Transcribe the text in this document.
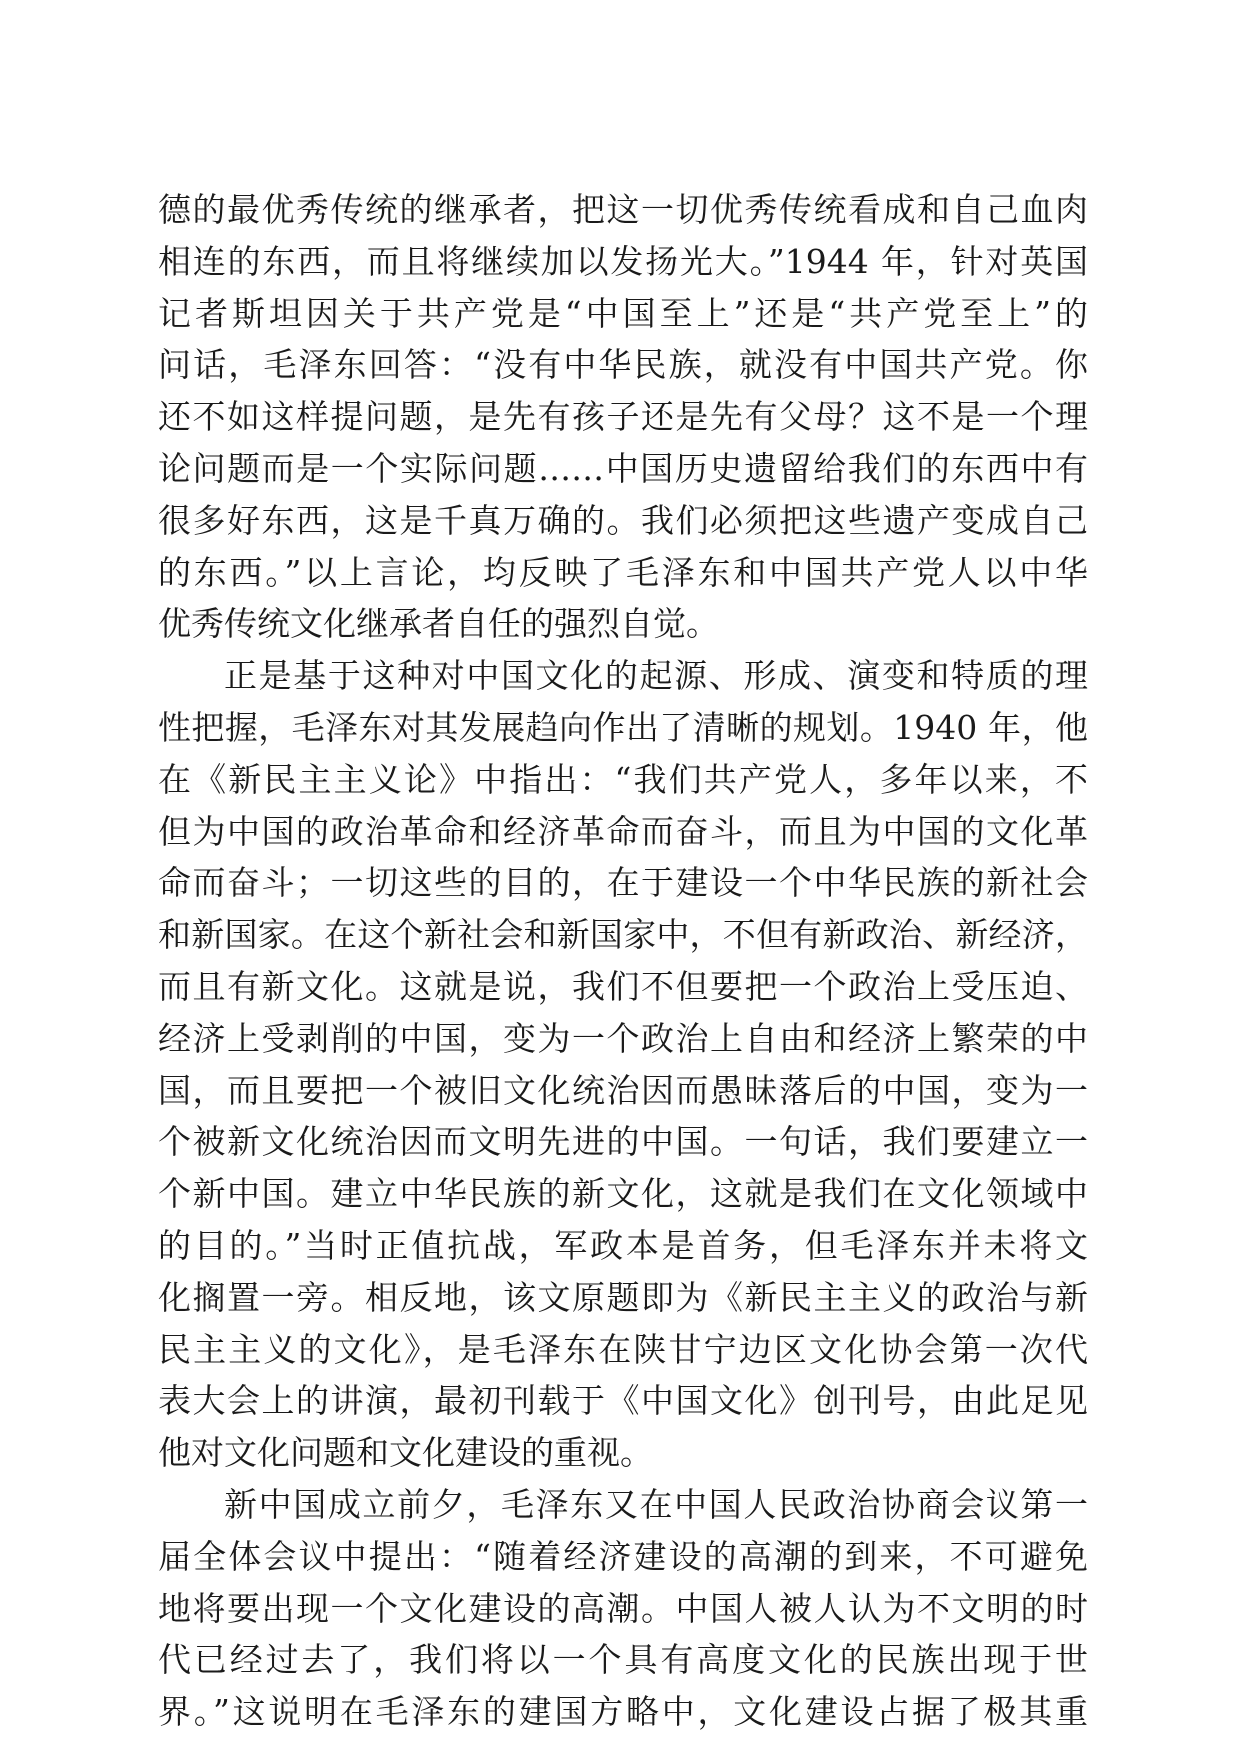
德的最优秀传统的继承者，把这一切优秀传统看成和自己血肉
相连的东西，而且将继续加以发扬光大。”1944 年，针对英国
记者斯坦因关于共产党是“中国至上”还是“共产党至上”的
问话，毛泽东回答：“没有中华民族，就没有中国共产党。你
还不如这样提问题，是先有孩子还是先有父母？这不是一个理
论问题而是一个实际问题……中国历史遗留给我们的东西中有
很多好东西，这是千真万确的。我们必须把这些遗产变成自己
的东西。”以上言论，均反映了毛泽东和中国共产党人以中华
优秀传统文化继承者自任的强烈自觉。
正是基于这种对中国文化的起源、形成、演变和特质的理
性把握，毛泽东对其发展趋向作出了清晰的规划。1940 年，他
在《新民主主义论》中指出：“我们共产党人，多年以来，不
但为中国的政治革命和经济革命而奋斗，而且为中国的文化革
命而奋斗；一切这些的目的，在于建设一个中华民族的新社会
和新国家。在这个新社会和新国家中，不但有新政治、新经济，
而且有新文化。这就是说，我们不但要把一个政治上受压迫、
经济上受剥削的中国，变为一个政治上自由和经济上繁荣的中
国，而且要把一个被旧文化统治因而愚昧落后的中国，变为一
个被新文化统治因而文明先进的中国。一句话，我们要建立一
个新中国。建立中华民族的新文化，这就是我们在文化领域中
的目的。”当时正值抗战，军政本是首务，但毛泽东并未将文
化搁置一旁。相反地，该文原题即为《新民主主义的政治与新
民主主义的文化》，是毛泽东在陕甘宁边区文化协会第一次代
表大会上的讲演，最初刊载于《中国文化》创刊号，由此足见
他对文化问题和文化建设的重视。
新中国成立前夕，毛泽东又在中国人民政治协商会议第一
届全体会议中提出：“随着经济建设的高潮的到来，不可避免
地将要出现一个文化建设的高潮。中国人被人认为不文明的时
代已经过去了，我们将以一个具有高度文化的民族出现于世
界。”这说明在毛泽东的建国方略中，文化建设占据了极其重
